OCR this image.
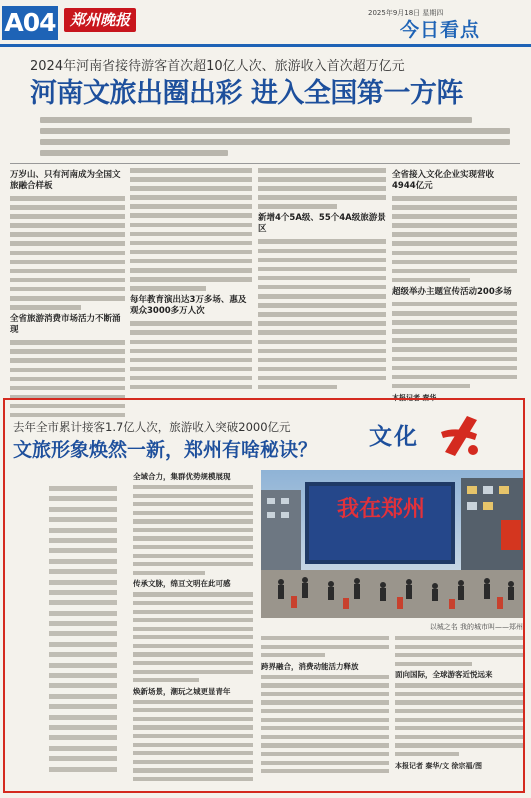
A04 郑州晚报	2025年9月18日 星期四
今日看点
2024年河南省接待游客首次超10亿人次、旅游收入首次超万亿元
河南文旅出圈出彩 进入全国第一方阵
万岁山、只有河南成为全国文旅融合样板
全省旅游消费市场活力不断涌现
每年教育演出达3万多场、惠及观众3000多万人次
新增4个5A级、55个4A级旅游景区
全省接入文化企业实现营收4944亿元
超级举办主题宣传活动200多场
本报记者 秦华
去年全市累计接客1.7亿人次，旅游收入突破2000亿元
文旅形象焕然一新，郑州有啥秘诀？ 文化
全域合力，集群优势规模展现
传承文脉，绵亘文明在此可感
焕新场景，潮玩之城更显青年
我在郑州
以城之名 我的城市叫——郑州
跨界融合，消费动能活力释放
面向国际，全球游客近悦远来
本报记者 秦华/文 徐宗福/图
